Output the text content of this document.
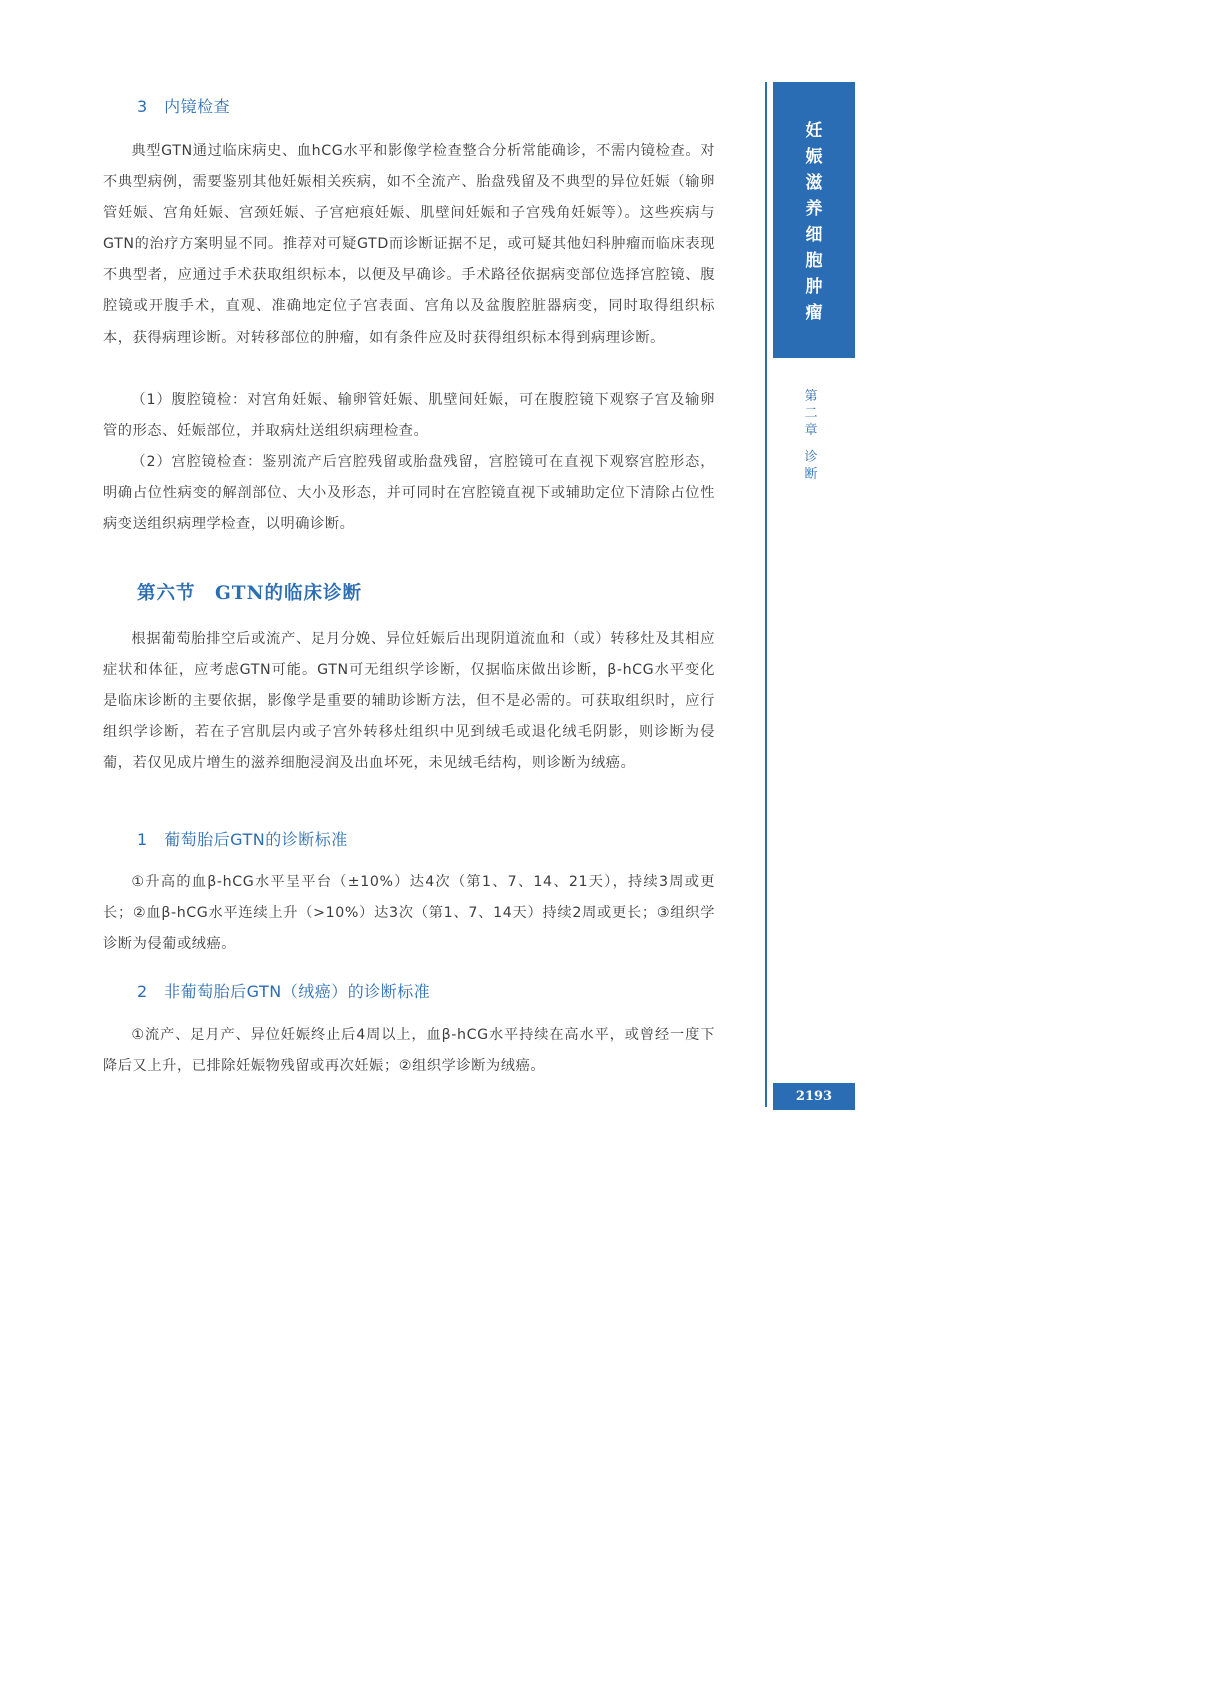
3　内镜检查

典型GTN通过临床病史、血hCG水平和影像学检查整合分析常能确诊，不需内镜检查。对不典型病例，需要鉴别其他妊娠相关疾病，如不全流产、胎盘残留及不典型的异位妊娠（输卵管妊娠、宫角妊娠、宫颈妊娠、子宫疤痕妊娠、肌壁间妊娠和子宫残角妊娠等）。这些疾病与GTN的治疗方案明显不同。推荐对可疑GTD而诊断证据不足，或可疑其他妇科肿瘤而临床表现不典型者，应通过手术获取组织标本，以便及早确诊。手术路径依据病变部位选择宫腔镜、腹腔镜或开腹手术，直观、准确地定位子宫表面、宫角以及盆腹腔脏器病变，同时取得组织标本，获得病理诊断。对转移部位的肿瘤，如有条件应及时获得组织标本得到病理诊断。

（1）腹腔镜检：对宫角妊娠、输卵管妊娠、肌壁间妊娠，可在腹腔镜下观察子宫及输卵管的形态、妊娠部位，并取病灶送组织病理检查。

（2）宫腔镜检查：鉴别流产后宫腔残留或胎盘残留，宫腔镜可在直视下观察宫腔形态，明确占位性病变的解剖部位、大小及形态，并可同时在宫腔镜直视下或辅助定位下清除占位性病变送组织病理学检查，以明确诊断。

第六节　GTN的临床诊断

根据葡萄胎排空后或流产、足月分娩、异位妊娠后出现阴道流血和（或）转移灶及其相应症状和体征，应考虑GTN可能。GTN可无组织学诊断，仅据临床做出诊断，β-hCG水平变化是临床诊断的主要依据，影像学是重要的辅助诊断方法，但不是必需的。可获取组织时，应行组织学诊断，若在子宫肌层内或子宫外转移灶组织中见到绒毛或退化绒毛阴影，则诊断为侵葡，若仅见成片增生的滋养细胞浸润及出血坏死，未见绒毛结构，则诊断为绒癌。

1　葡萄胎后GTN的诊断标准

①升高的血β-hCG水平呈平台（±10%）达4次（第1、7、14、21天），持续3周或更长；②血β-hCG水平连续上升（>10%）达3次（第1、7、14天）持续2周或更长；③组织学诊断为侵葡或绒癌。

2　非葡萄胎后GTN（绒癌）的诊断标准

①流产、足月产、异位妊娠终止后4周以上，血β-hCG水平持续在高水平，或曾经一度下降后又上升，已排除妊娠物残留或再次妊娠；②组织学诊断为绒癌。

妊
娠
滋
养
细
胞
肿
瘤
第
二
章

诊
断
2193
